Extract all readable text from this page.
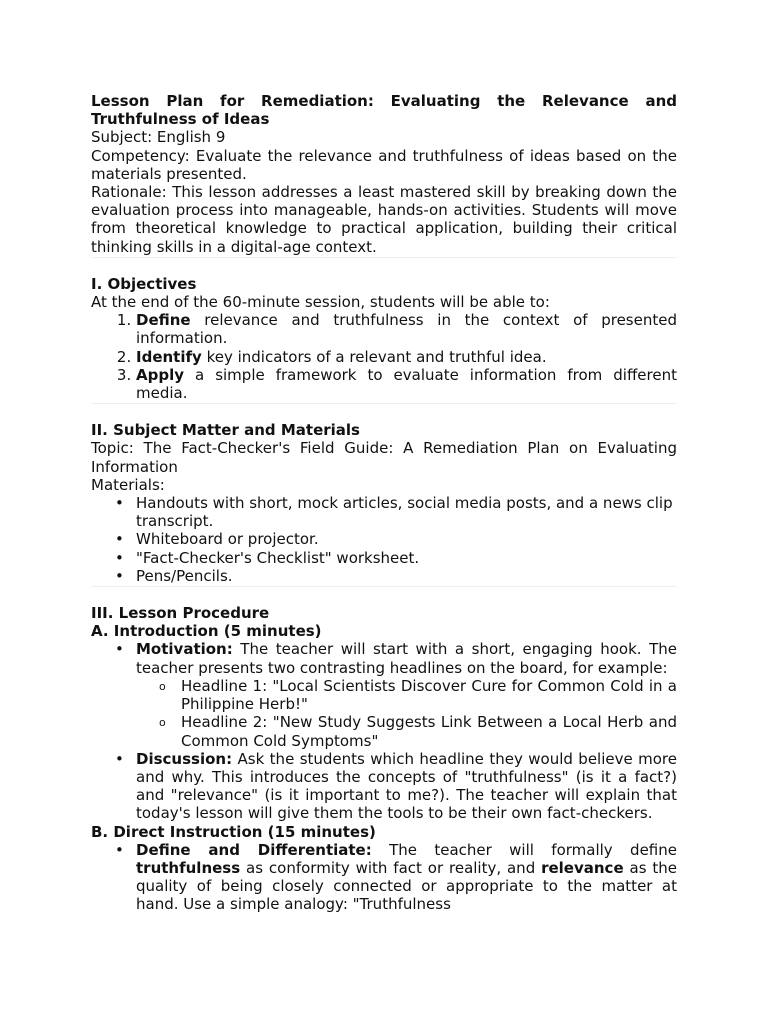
Lesson Plan for Remediation: Evaluating the Relevance and Truthfulness of Ideas

Subject: English 9

Competency: Evaluate the relevance and truthfulness of ideas based on the materials presented.

Rationale: This lesson addresses a least mastered skill by breaking down the evaluation process into manageable, hands-on activities. Students will move from theoretical knowledge to practical application, building their critical thinking skills in a digital-age context.

I. Objectives

At the end of the 60-minute session, students will be able to:

1. Define relevance and truthfulness in the context of presented information.
2. Identify key indicators of a relevant and truthful idea.
3. Apply a simple framework to evaluate information from different media.
II. Subject Matter and Materials

Topic: The Fact-Checker's Field Guide: A Remediation Plan on Evaluating Information

Materials:

• Handouts with short, mock articles, social media posts, and a news clip transcript.
• Whiteboard or projector.
• "Fact-Checker's Checklist" worksheet.
• Pens/Pencils.
III. Lesson Procedure
A. Introduction (5 minutes)
• Motivation: The teacher will start with a short, engaging hook. The teacher presents two contrasting headlines on the board, for example:
o Headline 1: "Local Scientists Discover Cure for Common Cold in a Philippine Herb!"
o Headline 2: "New Study Suggests Link Between a Local Herb and Common Cold Symptoms"
• Discussion: Ask the students which headline they would believe more and why. This introduces the concepts of "truthfulness" (is it a fact?) and "relevance" (is it important to me?). The teacher will explain that today's lesson will give them the tools to be their own fact-checkers.
B. Direct Instruction (15 minutes)
• Define and Differentiate: The teacher will formally define truthfulness as conformity with fact or reality, and relevance as the quality of being closely connected or appropriate to the matter at hand. Use a simple analogy: "Truthfulness
